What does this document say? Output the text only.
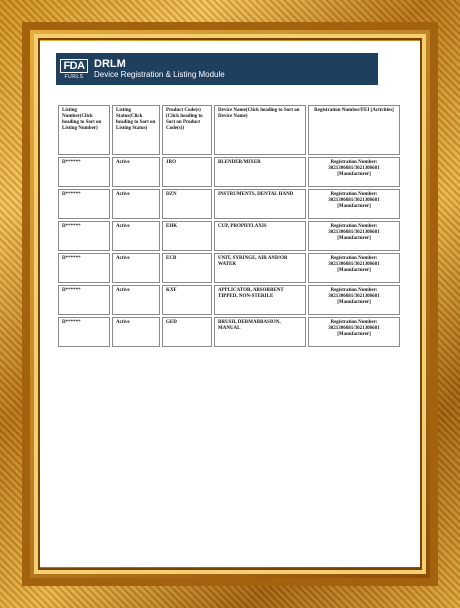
FDA
FURLS
DRLM
Device Registration & Listing Module
Listing Number(Click heading to Sort on Listing Number)	Listing Status(Click heading to Sort on Listing Status)	Product Code(s)(Click heading to Sort on Product Code(s))	Device Name(Click heading to Sort on Device Name)	Registration Number/FEI [Activities]
D******	Active	JRO	BLENDER/MIXER	Registration Number: 3021306681/3021306681 [Manufacturer]
D******	Active	DZN	INSTRUMENTS, DENTAL HAND	Registration Number: 3021306681/3021306681 [Manufacturer]
D******	Active	EHK	CUP, PROPHYLAXIS	Registration Number: 3021306681/3021306681 [Manufacturer]
D******	Active	ECB	UNIT, SYRINGE, AIR AND/OR WATER	Registration Number: 3021306681/3021306681 [Manufacturer]
D******	Active	KXF	APPLICATOR, ABSORBENT TIPPED, NON-STERILE	Registration Number: 3021306681/3021306681 [Manufacturer]
D******	Active	GED	BRUSH, DERMABRASION, MANUAL	Registration Number: 3021306681/3021306681 [Manufacturer]
